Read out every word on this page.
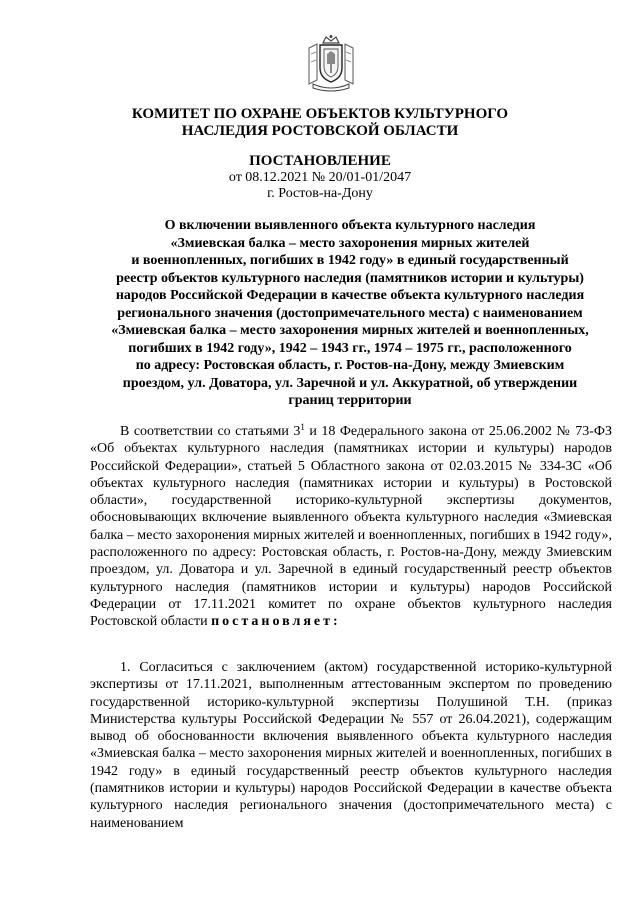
КОМИТЕТ ПО ОХРАНЕ ОБЪЕКТОВ КУЛЬТУРНОГО
НАСЛЕДИЯ РОСТОВСКОЙ ОБЛАСТИ
ПОСТАНОВЛЕНИЕ
от 08.12.2021 № 20/01-01/2047
г. Ростов-на-Дону
О включении выявленного объекта культурного наследия
«Змиевская балка – место захоронения мирных жителей
и военнопленных, погибших в 1942 году» в единый государственный
реестр объектов культурного наследия (памятников истории и культуры)
народов Российской Федерации в качестве объекта культурного наследия
регионального значения (достопримечательного места) с наименованием
«Змиевская балка – место захоронения мирных жителей и военнопленных,
погибших в 1942 году», 1942 – 1943 гг., 1974 – 1975 гг., расположенного
по адресу: Ростовская область, г. Ростов-на-Дону, между Змиевским
проездом, ул. Доватора, ул. Заречной и ул. Аккуратной, об утверждении
границ территории
В соответствии со статьями $3^1$ и 18 Федерального закона от 25.06.2002 № 73-ФЗ «Об объектах культурного наследия (памятниках истории и культуры) народов Российской Федерации», статьей 5 Областного закона от 02.03.2015 № 334-ЗС «Об объектах культурного наследия (памятниках истории и культуры) в Ростовской области», государственной историко-культурной экспертизы документов, обосновывающих включение выявленного объекта культурного наследия «Змиевская балка – место захоронения мирных жителей и военнопленных, погибших в 1942 году», расположенного по адресу: Ростовская область, г. Ростов-на-Дону, между Змиевским проездом, ул. Доватора и ул. Заречной в единый государственный реестр объектов культурного наследия (памятников истории и культуры) народов Российской Федерации от 17.11.2021 комитет по охране объектов культурного наследия Ростовской области постановляет:
1. Согласиться с заключением (актом) государственной историко-культурной экспертизы от 17.11.2021, выполненным аттестованным экспертом по проведению государственной историко-культурной экспертизы Полушиной Т.Н. (приказ Министерства культуры Российской Федерации № 557 от 26.04.2021), содержащим вывод об обоснованности включения выявленного объекта культурного наследия «Змиевская балка – место захоронения мирных жителей и военнопленных, погибших в 1942 году» в единый государственный реестр объектов культурного наследия (памятников истории и культуры) народов Российской Федерации в качестве объекта культурного наследия регионального значения (достопримечательного места) с наименованием
